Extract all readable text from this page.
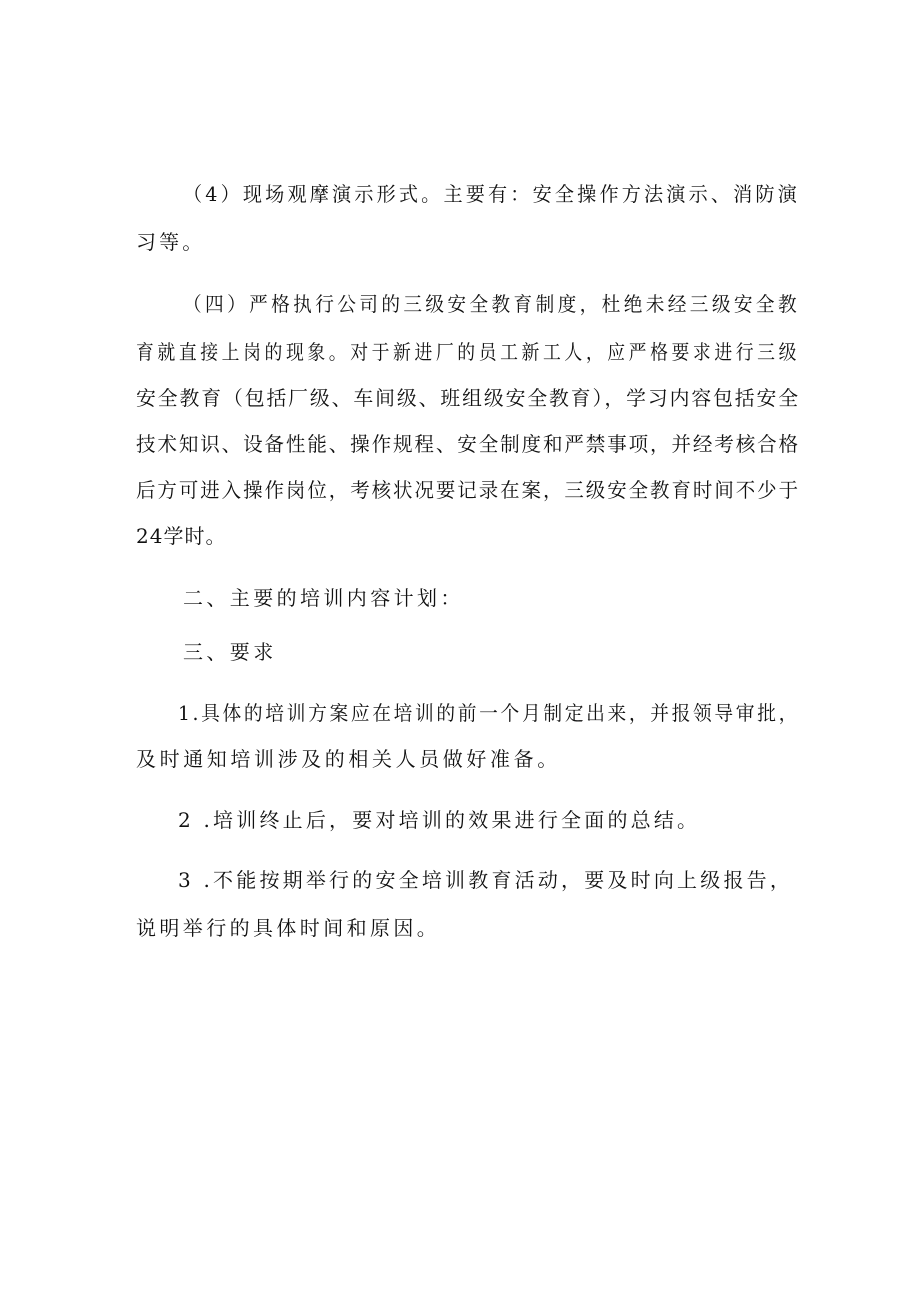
（4）现场观摩演示形式。主要有：安全操作方法演示、消防演
习等。
（四）严格执行公司的三级安全教育制度，杜绝未经三级安全教
育就直接上岗的现象。对于新进厂的员工新工人，应严格要求进行三级
安全教育（包括厂级、车间级、班组级安全教育），学习内容包括安全
技术知识、设备性能、操作规程、安全制度和严禁事项，并经考核合格
后方可进入操作岗位，考核状况要记录在案，三级安全教育时间不少于
24学时。
二、主要的培训内容计划：
三、要求
1.具体的培训方案应在培训的前一个月制定出来，并报领导审批，
及时通知培训涉及的相关人员做好准备。
2 .培训终止后，要对培训的效果进行全面的总结。
3 .不能按期举行的安全培训教育活动，要及时向上级报告，
说明举行的具体时间和原因。
